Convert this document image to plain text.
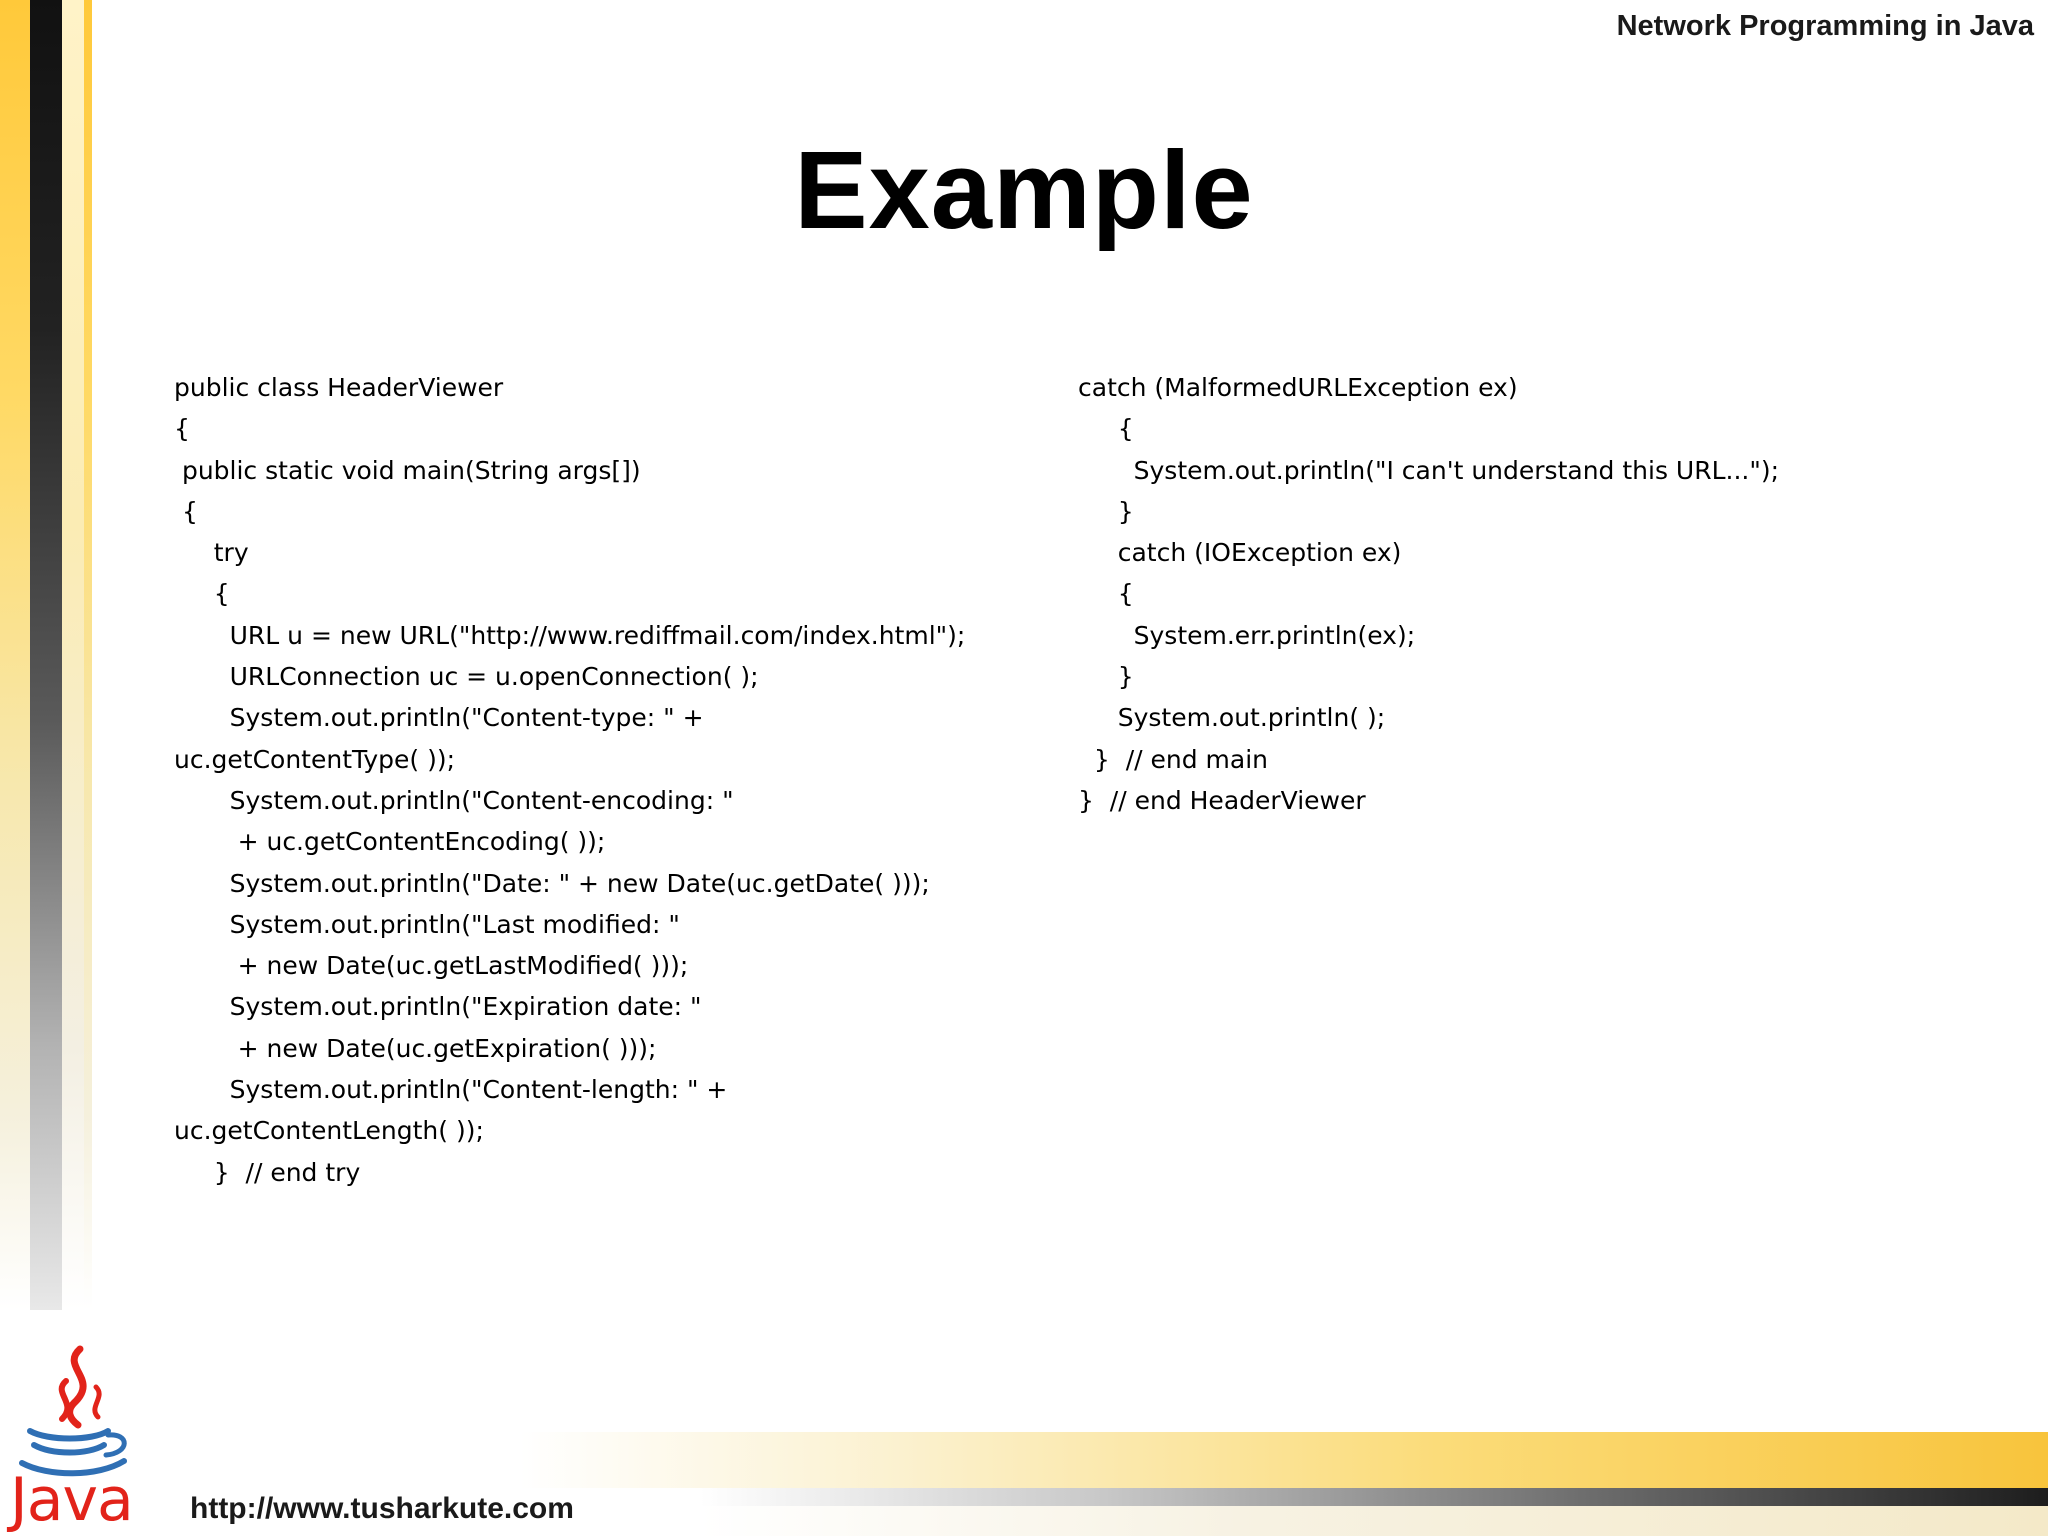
Network Programming in Java
Example
public class HeaderViewer
{
public static void main(String args[])
{
try
{
URL u = new URL("http://www.rediffmail.com/index.html");
URLConnection uc = u.openConnection( );
System.out.println("Content-type: " +
uc.getContentType( ));
System.out.println("Content-encoding: "
+ uc.getContentEncoding( ));
System.out.println("Date: " + new Date(uc.getDate( )));
System.out.println("Last modified: "
+ new Date(uc.getLastModified( )));
System.out.println("Expiration date: "
+ new Date(uc.getExpiration( )));
System.out.println("Content-length: " +
uc.getContentLength( ));
}  // end try
catch (MalformedURLException ex)
{
System.out.println("I can't understand this URL...");
}
catch (IOException ex)
{
System.err.println(ex);
}
System.out.println( );
}  // end main
}  // end HeaderViewer
Java http://www.tusharkute.com
